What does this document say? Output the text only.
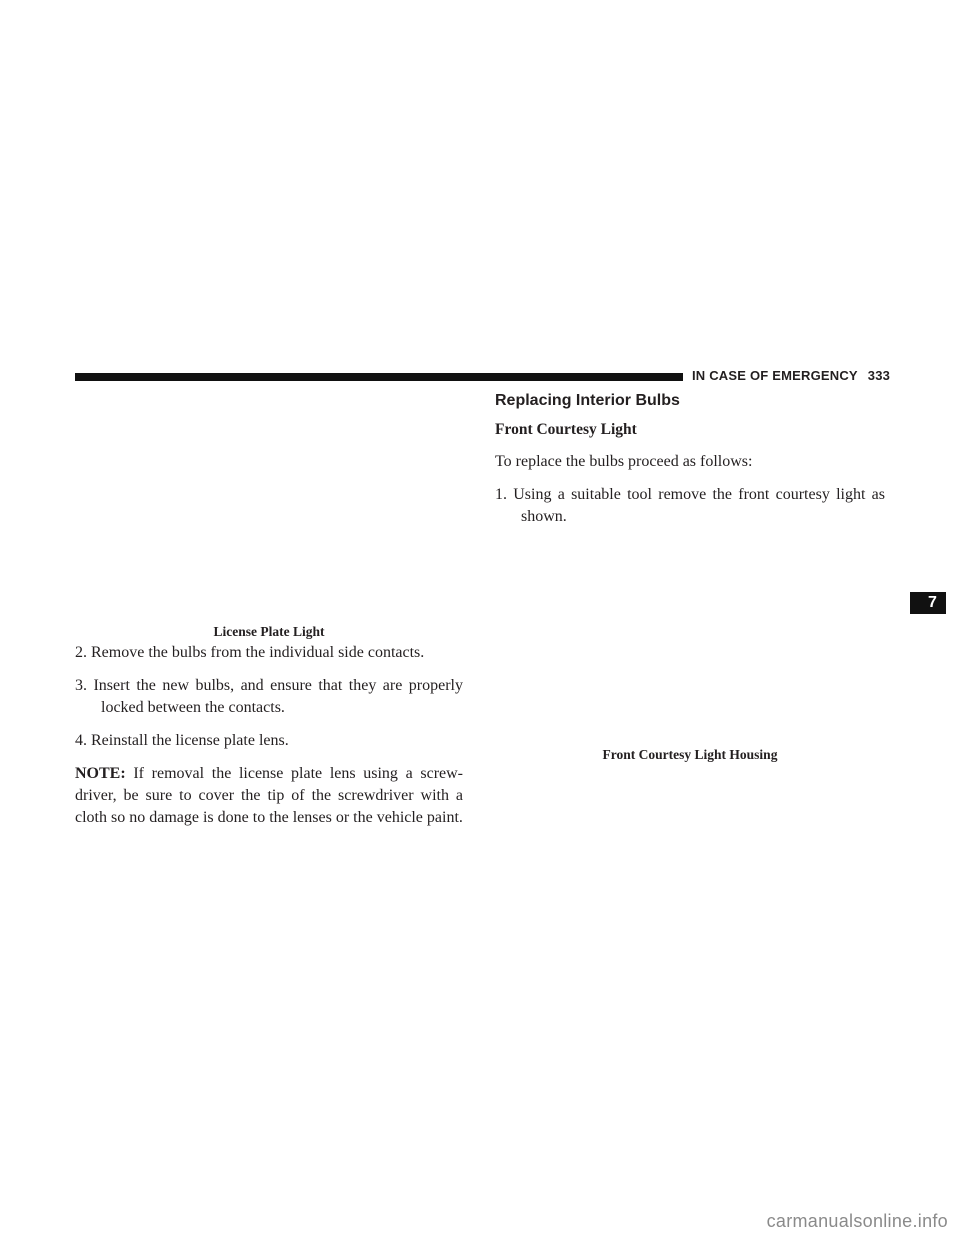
IN CASE OF EMERGENCY 333
License Plate Light

2. Remove the bulbs from the individual side contacts.

3. Insert the new bulbs, and ensure that they are properly locked between the contacts.

4. Reinstall the license plate lens.

NOTE: If removal the license plate lens using a screw-driver, be sure to cover the tip of the screwdriver with a cloth so no damage is done to the lenses or the vehicle paint.

Replacing Interior Bulbs
Front Courtesy Light

To replace the bulbs proceed as follows:

1. Using a suitable tool remove the front courtesy light as shown.

Front Courtesy Light Housing
7
carmanualsonline.info
